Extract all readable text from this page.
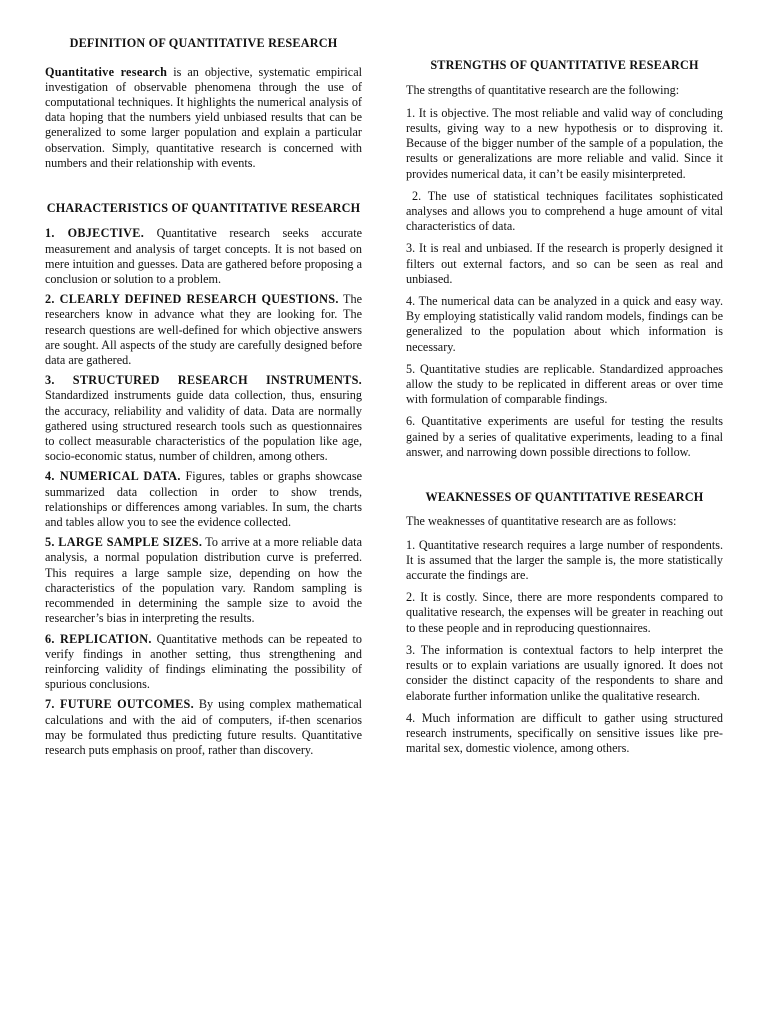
DEFINITION OF QUANTITATIVE RESEARCH

Quantitative research is an objective, systematic empirical investigation of observable phenomena through the use of computational techniques. It highlights the numerical analysis of data hoping that the numbers yield unbiased results that can be generalized to some larger population and explain a particular observation. Simply, quantitative research is concerned with numbers and their relationship with events.

CHARACTERISTICS OF QUANTITATIVE RESEARCH

1. OBJECTIVE. Quantitative research seeks accurate measurement and analysis of target concepts. It is not based on mere intuition and guesses. Data are gathered before proposing a conclusion or solution to a problem.

2. CLEARLY DEFINED RESEARCH QUESTIONS. The researchers know in advance what they are looking for. The research questions are well-defined for which objective answers are sought. All aspects of the study are carefully designed before data are gathered.

3. STRUCTURED RESEARCH INSTRUMENTS. Standardized instruments guide data collection, thus, ensuring the accuracy, reliability and validity of data. Data are normally gathered using structured research tools such as questionnaires to collect measurable characteristics of the population like age, socio-economic status, number of children, among others.

4. NUMERICAL DATA. Figures, tables or graphs showcase summarized data collection in order to show trends, relationships or differences among variables. In sum, the charts and tables allow you to see the evidence collected.

5. LARGE SAMPLE SIZES. To arrive at a more reliable data analysis, a normal population distribution curve is preferred. This requires a large sample size, depending on how the characteristics of the population vary. Random sampling is recommended in determining the sample size to avoid the researcher’s bias in interpreting the results.

6. REPLICATION. Quantitative methods can be repeated to verify findings in another setting, thus strengthening and reinforcing validity of findings eliminating the possibility of spurious conclusions.

7. FUTURE OUTCOMES. By using complex mathematical calculations and with the aid of computers, if-then scenarios may be formulated thus predicting future results. Quantitative research puts emphasis on proof, rather than discovery.

STRENGTHS OF QUANTITATIVE RESEARCH

The strengths of quantitative research are the following:

1. It is objective. The most reliable and valid way of concluding results, giving way to a new hypothesis or to disproving it. Because of the bigger number of the sample of a population, the results or generalizations are more reliable and valid. Since it provides numerical data, it can’t be easily misinterpreted.

2. The use of statistical techniques facilitates sophisticated analyses and allows you to comprehend a huge amount of vital characteristics of data.

3. It is real and unbiased. If the research is properly designed it filters out external factors, and so can be seen as real and unbiased.

4. The numerical data can be analyzed in a quick and easy way. By employing statistically valid random models, findings can be generalized to the population about which information is necessary.

5. Quantitative studies are replicable. Standardized approaches allow the study to be replicated in different areas or over time with formulation of comparable findings.

6. Quantitative experiments are useful for testing the results gained by a series of qualitative experiments, leading to a final answer, and narrowing down possible directions to follow.

WEAKNESSES OF QUANTITATIVE RESEARCH

The weaknesses of quantitative research are as follows:

1. Quantitative research requires a large number of respondents. It is assumed that the larger the sample is, the more statistically accurate the findings are.

2. It is costly. Since, there are more respondents compared to qualitative research, the expenses will be greater in reaching out to these people and in reproducing questionnaires.

3. The information is contextual factors to help interpret the results or to explain variations are usually ignored. It does not consider the distinct capacity of the respondents to share and elaborate further information unlike the qualitative research.

4. Much information are difficult to gather using structured research instruments, specifically on sensitive issues like pre-marital sex, domestic violence, among others.
